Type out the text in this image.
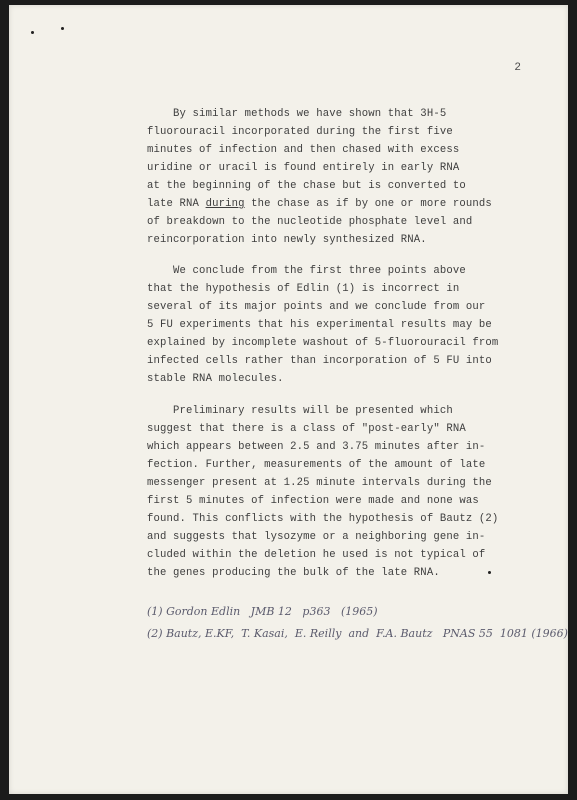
2
By similar methods we have shown that 3H-5
fluorouracil incorporated during the first five
minutes of infection and then chased with excess
uridine or uracil is found entirely in early RNA
at the beginning of the chase but is converted to
late RNA during the chase as if by one or more rounds
of breakdown to the nucleotide phosphate level and
reincorporation into newly synthesized RNA.
We conclude from the first three points above
that the hypothesis of Edlin (1) is incorrect in
several of its major points and we conclude from our
5 FU experiments that his experimental results may be
explained by incomplete washout of 5-fluorouracil from
infected cells rather than incorporation of 5 FU into
stable RNA molecules.
Preliminary results will be presented which
suggest that there is a class of "post-early" RNA
which appears between 2.5 and 3.75 minutes after in-
fection. Further, measurements of the amount of late
messenger present at 1.25 minute intervals during the
first 5 minutes of infection were made and none was
found. This conflicts with the hypothesis of Bautz (2)
and suggests that lysozyme or a neighboring gene in-
cluded within the deletion he used is not typical of
the genes producing the bulk of the late RNA.
(1) Gordon Edlin   JMB 12   p363   (1965)
(2) Bautz, E.KF,  T. Kasai,  E. Reilly  and  F.A. Bautz   PNAS 55  1081 (1966)
